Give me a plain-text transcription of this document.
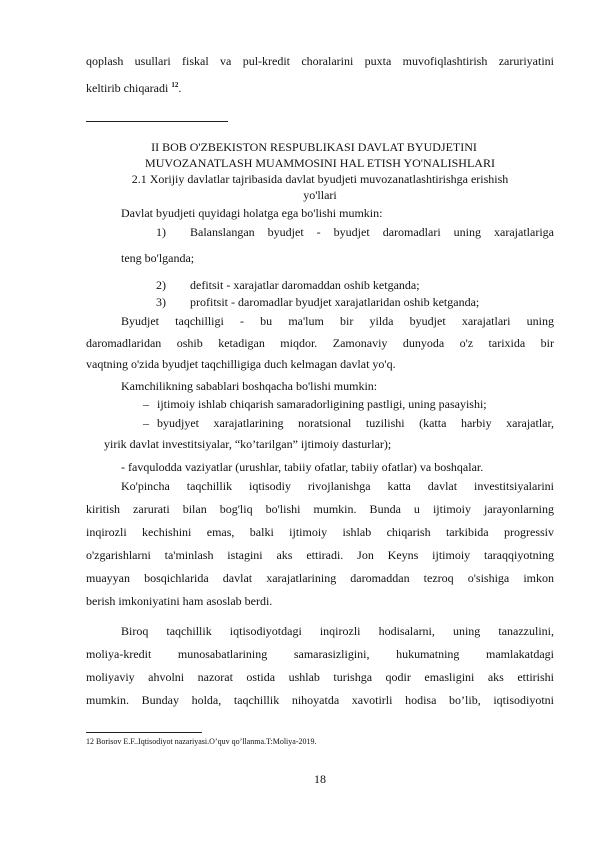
qoplash usullari fiskal va pul-kredit choralarini puxta muvofiqlashtirish zaruriyatini
keltirib chiqaradi $^{12}$.
II BOB O'ZBEKISTON RESPUBLIKASI DAVLAT BYUDJETINI
MUVOZANATLASH MUAMMOSINI HAL ETISH YO'NALISHLARI
2.1 Xorijiy davlatlar tajribasida davlat byudjeti muvozanatlashtirishga erishish
yo'llari
Davlat byudjeti quyidagi holatga ega bo'lishi mumkin:
1) Balanslangan byudjet - byudjet daromadlari uning xarajatlariga
teng bo'lganda;
2) defitsit - xarajatlar daromaddan oshib ketganda;
3) profitsit - daromadlar byudjet xarajatlaridan oshib ketganda;
Byudjet taqchilligi - bu ma'lum bir yilda byudjet xarajatlari uning
daromadlaridan oshib ketadigan miqdor. Zamonaviy dunyoda o'z tarixida bir
vaqtning o'zida byudjet taqchilligiga duch kelmagan davlat yo'q.
Kamchilikning sabablari boshqacha bo'lishi mumkin:
– ijtimoiy ishlab chiqarish samaradorligining pastligi, uning pasayishi;
– byudjyet xarajatlarining noratsional tuzilishi (katta harbiy xarajatlar,
yirik davlat investitsiyalar, “ko’tarilgan” ijtimoiy dasturlar);
- favqulodda vaziyatlar (urushlar, tabiiy ofatlar, tabiiy ofatlar) va boshqalar.
Ko'pincha taqchillik iqtisodiy rivojlanishga katta davlat investitsiyalarini
kiritish zarurati bilan bog'liq bo'lishi mumkin. Bunda u ijtimoiy jarayonlarning
inqirozli kechishini emas, balki ijtimoiy ishlab chiqarish tarkibida progressiv
o'zgarishlarni ta'minlash istagini aks ettiradi. Jon Keyns ijtimoiy taraqqiyotning
muayyan bosqichlarida davlat xarajatlarining daromaddan tezroq o'sishiga imkon
berish imkoniyatini ham asoslab berdi.
Biroq taqchillik iqtisodiyotdagi inqirozli hodisalarni, uning tanazzulini,
moliya-kredit munosabatlarining samarasizligini, hukumatning mamlakatdagi
moliyaviy ahvolni nazorat ostida ushlab turishga qodir emasligini aks ettirishi
mumkin. Bunday holda, taqchillik nihoyatda xavotirli hodisa bo’lib, iqtisodiyotni
12 Borisov E.F..Iqtisodiyot nazariyasi.O’quv qo’llanma.T:Moliya-2019.
18
